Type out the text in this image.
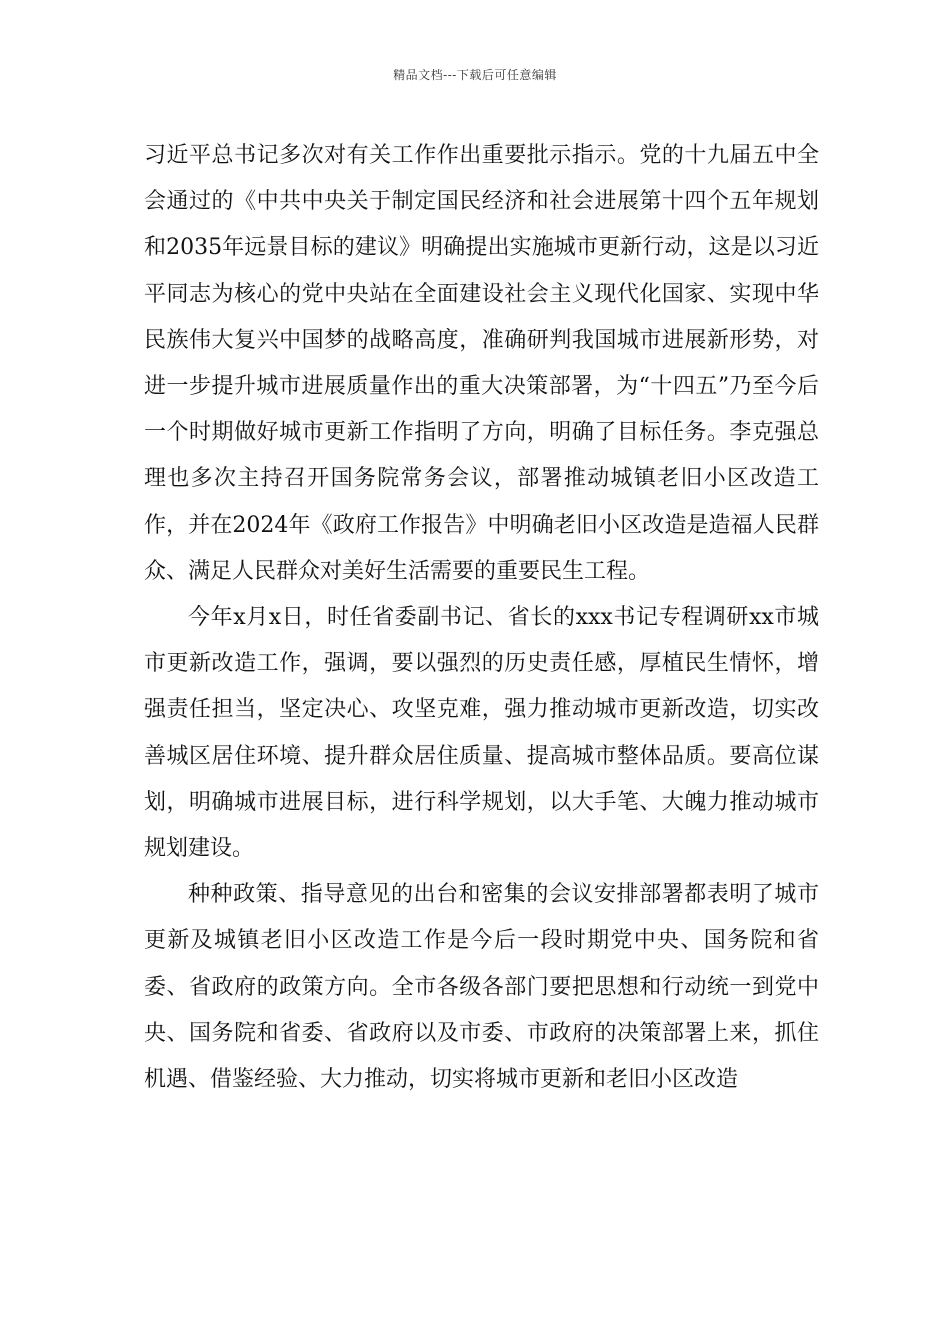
精品文档---下载后可任意编辑

习近平总书记多次对有关工作作出重要批示指示。党的十九届五中全会通过的《中共中央关于制定国民经济和社会进展第十四个五年规划和2035年远景目标的建议》明确提出实施城市更新行动，这是以习近平同志为核心的党中央站在全面建设社会主义现代化国家、实现中华民族伟大复兴中国梦的战略高度，准确研判我国城市进展新形势，对进一步提升城市进展质量作出的重大决策部署，为“十四五”乃至今后一个时期做好城市更新工作指明了方向，明确了目标任务。李克强总理也多次主持召开国务院常务会议，部署推动城镇老旧小区改造工作，并在2024年《政府工作报告》中明确老旧小区改造是造福人民群众、满足人民群众对美好生活需要的重要民生工程。

今年x月x日，时任省委副书记、省长的xxx书记专程调研xx市城市更新改造工作，强调，要以强烈的历史责任感，厚植民生情怀，增强责任担当，坚定决心、攻坚克难，强力推动城市更新改造，切实改善城区居住环境、提升群众居住质量、提高城市整体品质。要高位谋划，明确城市进展目标，进行科学规划，以大手笔、大魄力推动城市规划建设。

种种政策、指导意见的出台和密集的会议安排部署都表明了城市更新及城镇老旧小区改造工作是今后一段时期党中央、国务院和省委、省政府的政策方向。全市各级各部门要把思想和行动统一到党中央、国务院和省委、省政府以及市委、市政府的决策部署上来，抓住机遇、借鉴经验、大力推动，切实将城市更新和老旧小区改造
